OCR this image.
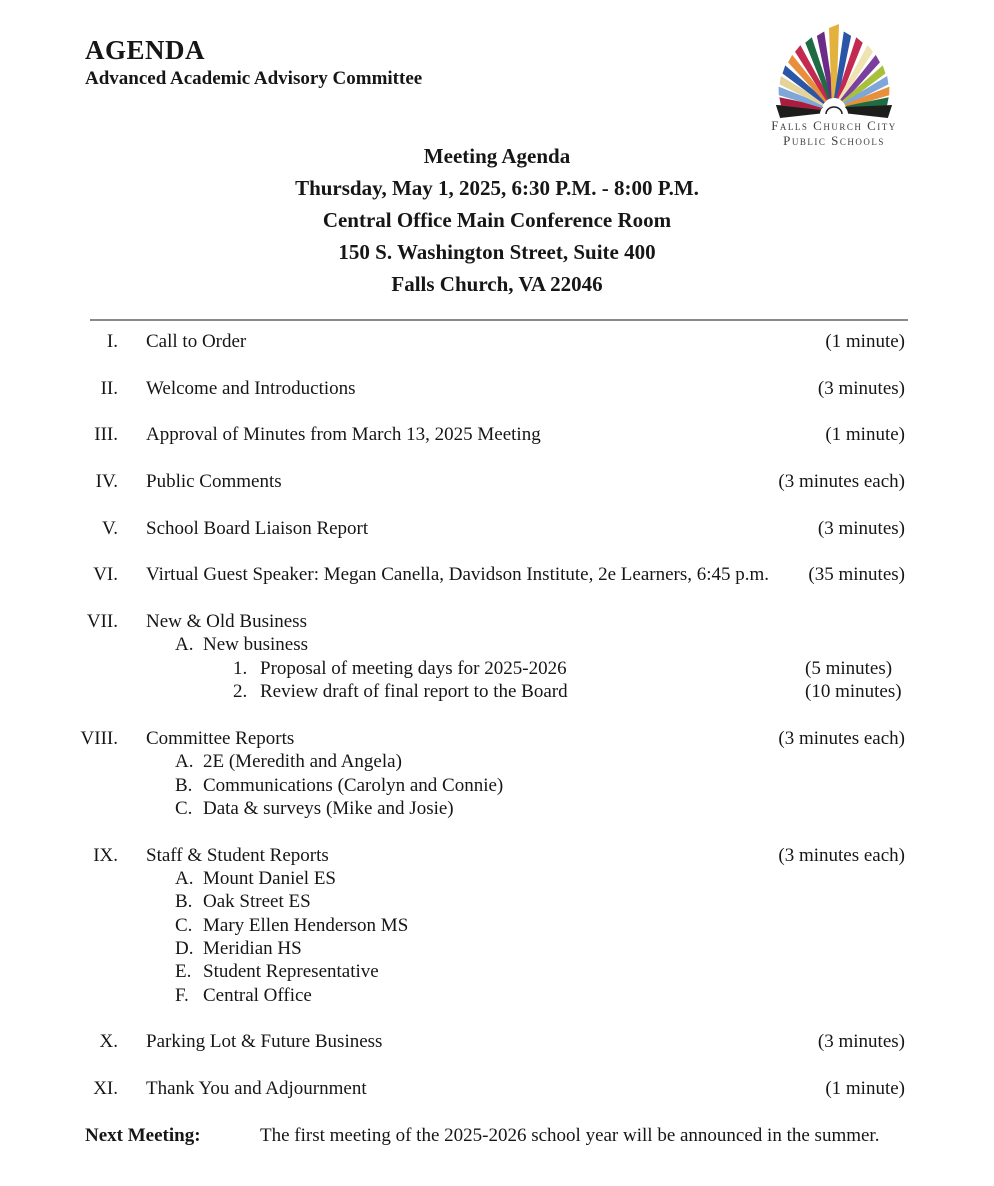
AGENDA
Advanced Academic Advisory Committee
Falls Church City
Public Schools
Meeting Agenda
Thursday, May 1, 2025, 6:30 P.M. - 8:00 P.M.
Central Office Main Conference Room
150 S. Washington Street, Suite 400
Falls Church, VA 22046
I. Call to Order	(1 minute)
II. Welcome and Introductions	(3 minutes)
III. Approval of Minutes from March 13, 2025 Meeting	(1 minute)
IV. Public Comments	(3 minutes each)
V. School Board Liaison Report	(3 minutes)
VI. Virtual Guest Speaker: Megan Canella, Davidson Institute, 2e Learners, 6:45 p.m. (35 minutes)
VII. New & Old Business
A. New business
1. Proposal of meeting days for 2025-2026	(5 minutes)
2. Review draft of final report to the Board	(10 minutes)
VIII. Committee Reports	(3 minutes each)
A. 2E (Meredith and Angela)
B. Communications (Carolyn and Connie)
C. Data & surveys (Mike and Josie)
IX. Staff & Student Reports	(3 minutes each)
A. Mount Daniel ES
B. Oak Street ES
C. Mary Ellen Henderson MS
D. Meridian HS
E. Student Representative
F. Central Office
X. Parking Lot & Future Business	(3 minutes)
XI. Thank You and Adjournment	(1 minute)
Next Meeting:	The first meeting of the 2025-2026 school year will be announced in the summer.
